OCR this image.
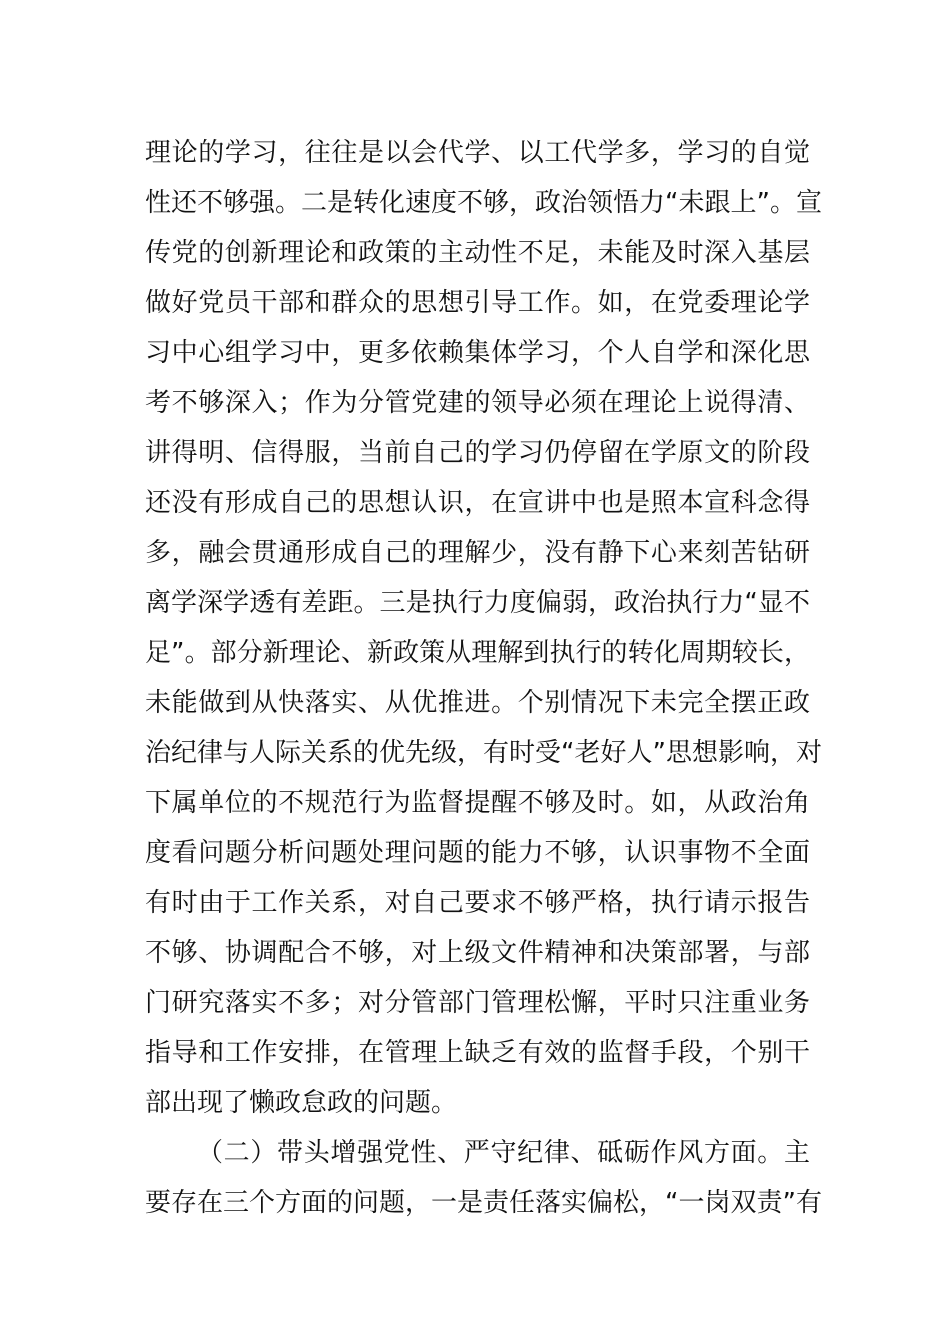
理论的学习，往往是以会代学、以工代学多，学习的自觉
性还不够强。二是转化速度不够，政治领悟力“未跟上”。宣
传党的创新理论和政策的主动性不足，未能及时深入基层
做好党员干部和群众的思想引导工作。如，在党委理论学
习中心组学习中，更多依赖集体学习，个人自学和深化思
考不够深入；作为分管党建的领导必须在理论上说得清、
讲得明、信得服，当前自己的学习仍停留在学原文的阶段
还没有形成自己的思想认识，在宣讲中也是照本宣科念得
多，融会贯通形成自己的理解少，没有静下心来刻苦钻研
离学深学透有差距。三是执行力度偏弱，政治执行力“显不
足”。部分新理论、新政策从理解到执行的转化周期较长，
未能做到从快落实、从优推进。个别情况下未完全摆正政
治纪律与人际关系的优先级，有时受“老好人”思想影响，对
下属单位的不规范行为监督提醒不够及时。如，从政治角
度看问题分析问题处理问题的能力不够，认识事物不全面
有时由于工作关系，对自己要求不够严格，执行请示报告
不够、协调配合不够，对上级文件精神和决策部署，与部
门研究落实不多；对分管部门管理松懈，平时只注重业务
指导和工作安排，在管理上缺乏有效的监督手段，个别干
部出现了懒政怠政的问题。
（二）带头增强党性、严守纪律、砥砺作风方面。主
要存在三个方面的问题，一是责任落实偏松，“一岗双责”有
